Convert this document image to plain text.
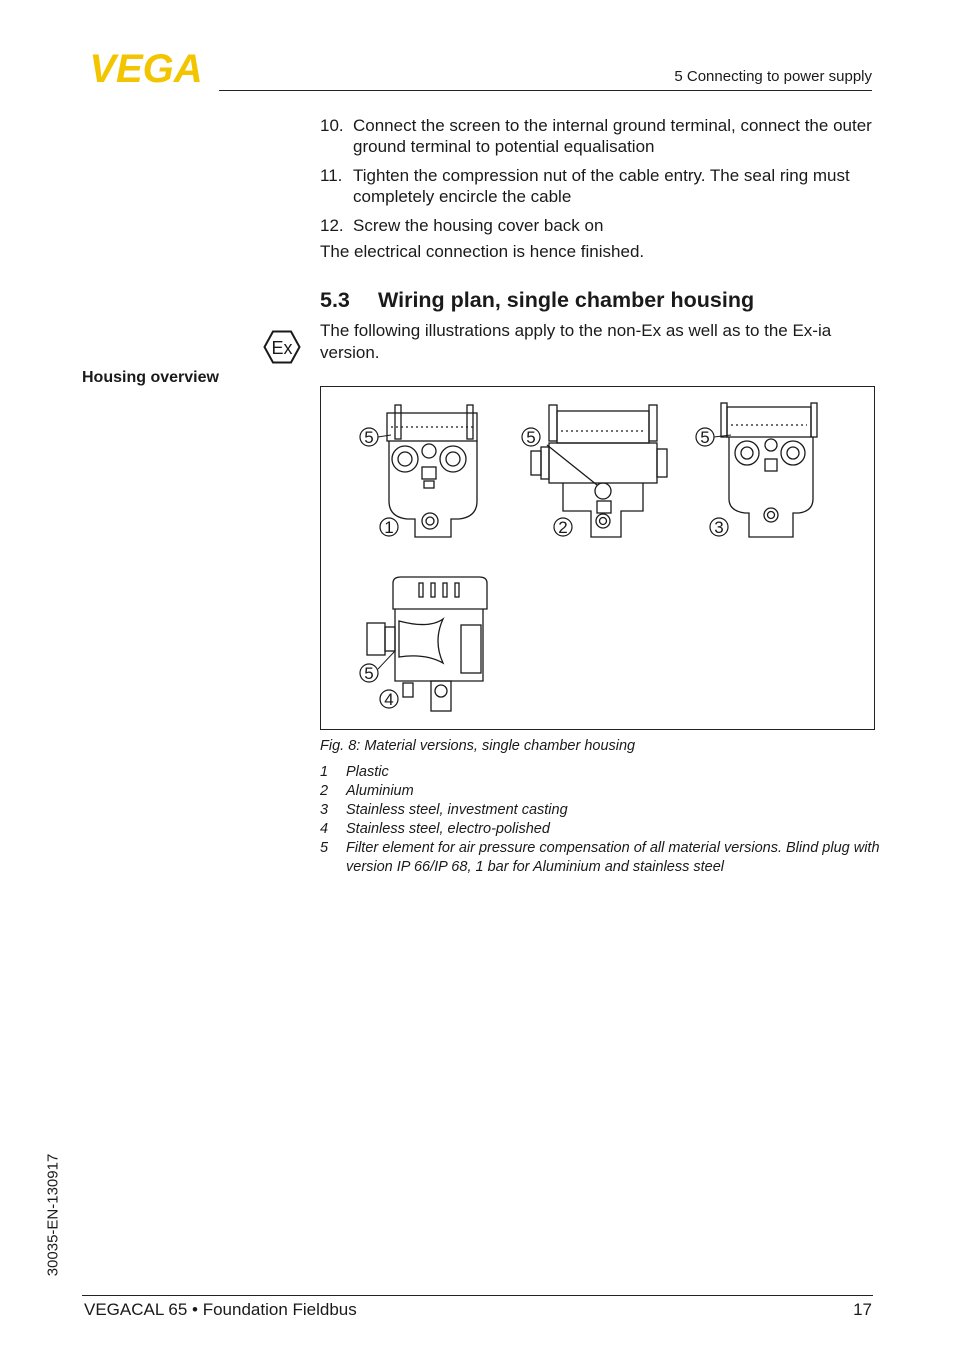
VEGA	5 Connecting to power supply
10. Connect the screen to the internal ground terminal, connect the outer ground terminal to potential equalisation
11. Tighten the compression nut of the cable entry. The seal ring must completely encircle the cable
12. Screw the housing cover back on
The electrical connection is hence finished.
5.3 Wiring plan, single chamber housing
Ex
The following illustrations apply to the non-Ex as well as to the Ex-ia version.
Housing overview
5
1
5
2
5
3
5
4
Fig. 8: Material versions, single chamber housing
1	Plastic
2	Aluminium
3	Stainless steel, investment casting
4	Stainless steel, electro-polished
5	Filter element for air pressure compensation of all material versions. Blind plug with version IP 66/IP 68, 1 bar for Aluminium and stainless steel
30035-EN-130917
VEGACAL 65 • Foundation Fieldbus	17
